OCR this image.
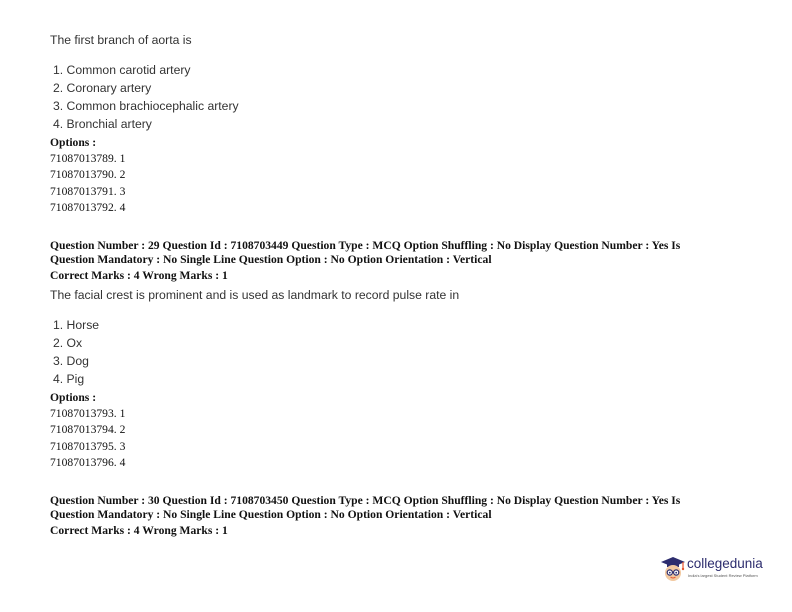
The first branch of aorta is
1. Common carotid artery
2. Coronary artery
3. Common brachiocephalic artery
4. Bronchial artery
Options :
71087013789. 1
71087013790. 2
71087013791. 3
71087013792. 4
Question Number : 29 Question Id : 7108703449 Question Type : MCQ Option Shuffling : No Display Question Number : Yes Is
Question Mandatory : No Single Line Question Option : No Option Orientation : Vertical
Correct Marks : 4 Wrong Marks : 1
The facial crest is prominent and is used as landmark to record pulse rate in
1. Horse
2. Ox
3. Dog
4. Pig
Options :
71087013793. 1
71087013794. 2
71087013795. 3
71087013796. 4
Question Number : 30 Question Id : 7108703450 Question Type : MCQ Option Shuffling : No Display Question Number : Yes Is
Question Mandatory : No Single Line Question Option : No Option Orientation : Vertical
Correct Marks : 4 Wrong Marks : 1
collegedunia
India's largest Student Review Platform
